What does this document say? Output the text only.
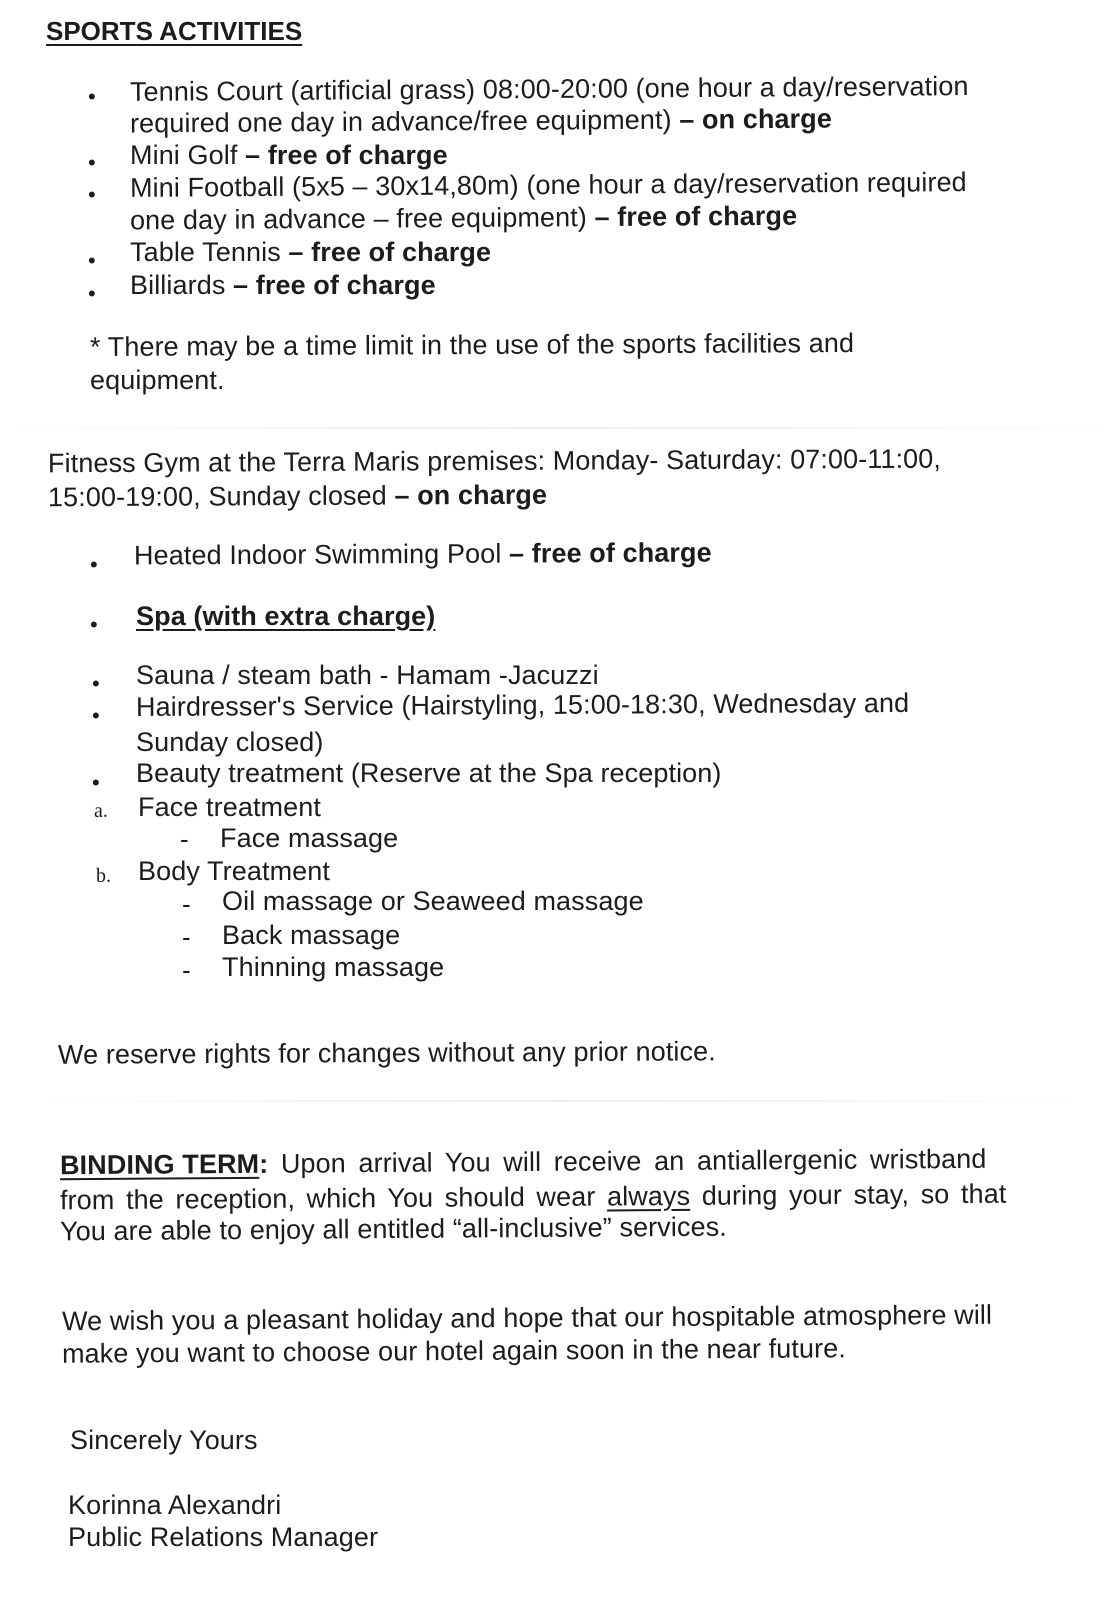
SPORTS ACTIVITIES
• Tennis Court (artificial grass) 08:00-20:00 (one hour a day/reservation
required one day in advance/free equipment) – on charge
• Mini Golf – free of charge
• Mini Football (5x5 – 30x14,80m) (one hour a day/reservation required
one day in advance – free equipment) – free of charge
• Table Tennis – free of charge
• Billiards – free of charge
* There may be a time limit in the use of the sports facilities and
equipment.
Fitness Gym at the Terra Maris premises: Monday- Saturday: 07:00-11:00,
15:00-19:00, Sunday closed – on charge
• Heated Indoor Swimming Pool – free of charge
• Spa (with extra charge)
• Sauna / steam bath - Hamam -Jacuzzi
• Hairdresser's Service (Hairstyling, 15:00-18:30, Wednesday and
Sunday closed)
• Beauty treatment (Reserve at the Spa reception)
a. Face treatment
- Face massage
b. Body Treatment
- Oil massage or Seaweed massage
- Back massage
- Thinning massage
We reserve rights for changes without any prior notice.
BINDING TERM: Upon arrival You will receive an antiallergenic wristband
from the reception, which You should wear always during your stay, so that
You are able to enjoy all entitled “all-inclusive” services.
We wish you a pleasant holiday and hope that our hospitable atmosphere will
make you want to choose our hotel again soon in the near future.
Sincerely Yours
Korinna Alexandri
Public Relations Manager
